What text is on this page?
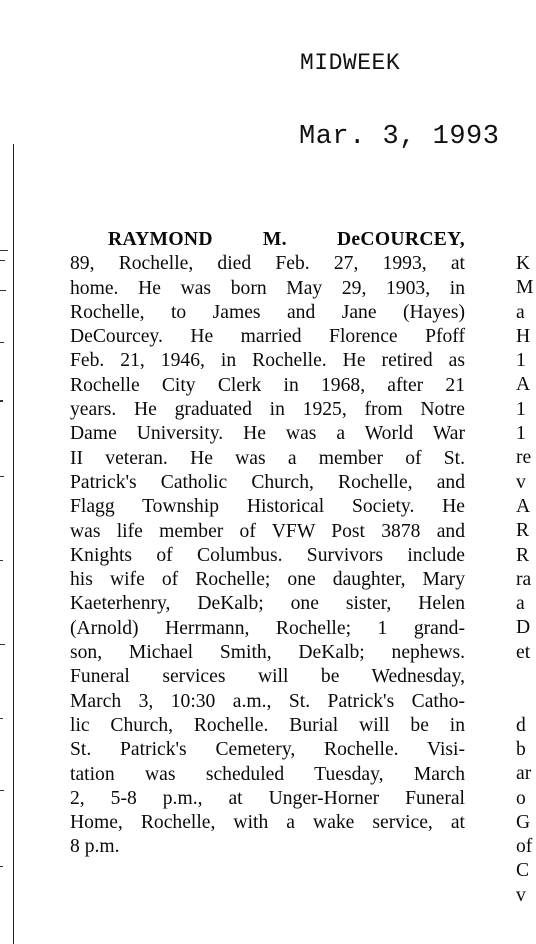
MIDWEEK
Mar. 3, 1993
RAYMOND M. DeCOURCEY,
89, Rochelle, died Feb. 27, 1993, at
home. He was born May 29, 1903, in
Rochelle, to James and Jane (Hayes)
DeCourcey. He married Florence Pfoff
Feb. 21, 1946, in Rochelle. He retired as
Rochelle City Clerk in 1968, after 21
years. He graduated in 1925, from Notre
Dame University. He was a World War
II veteran. He was a member of St.
Patrick's Catholic Church, Rochelle, and
Flagg Township Historical Society. He
was life member of VFW Post 3878 and
Knights of Columbus. Survivors include
his wife of Rochelle; one daughter, Mary
Kaeterhenry, DeKalb; one sister, Helen
(Arnold) Herrmann, Rochelle; 1 grand-
son, Michael Smith, DeKalb; nephews.
Funeral services will be Wednesday,
March 3, 10:30 a.m., St. Patrick's Catho-
lic Church, Rochelle. Burial will be in
St. Patrick's Cemetery, Rochelle. Visi-
tation was scheduled Tuesday, March
2, 5-8 p.m., at Unger-Horner Funeral
Home, Rochelle, with a wake service, at
8 p.m.
K
M
a
H
1
A
1
1
re
v
A
R
R
ra
a
D
et
d
b
ar
o
G
of
C
v
